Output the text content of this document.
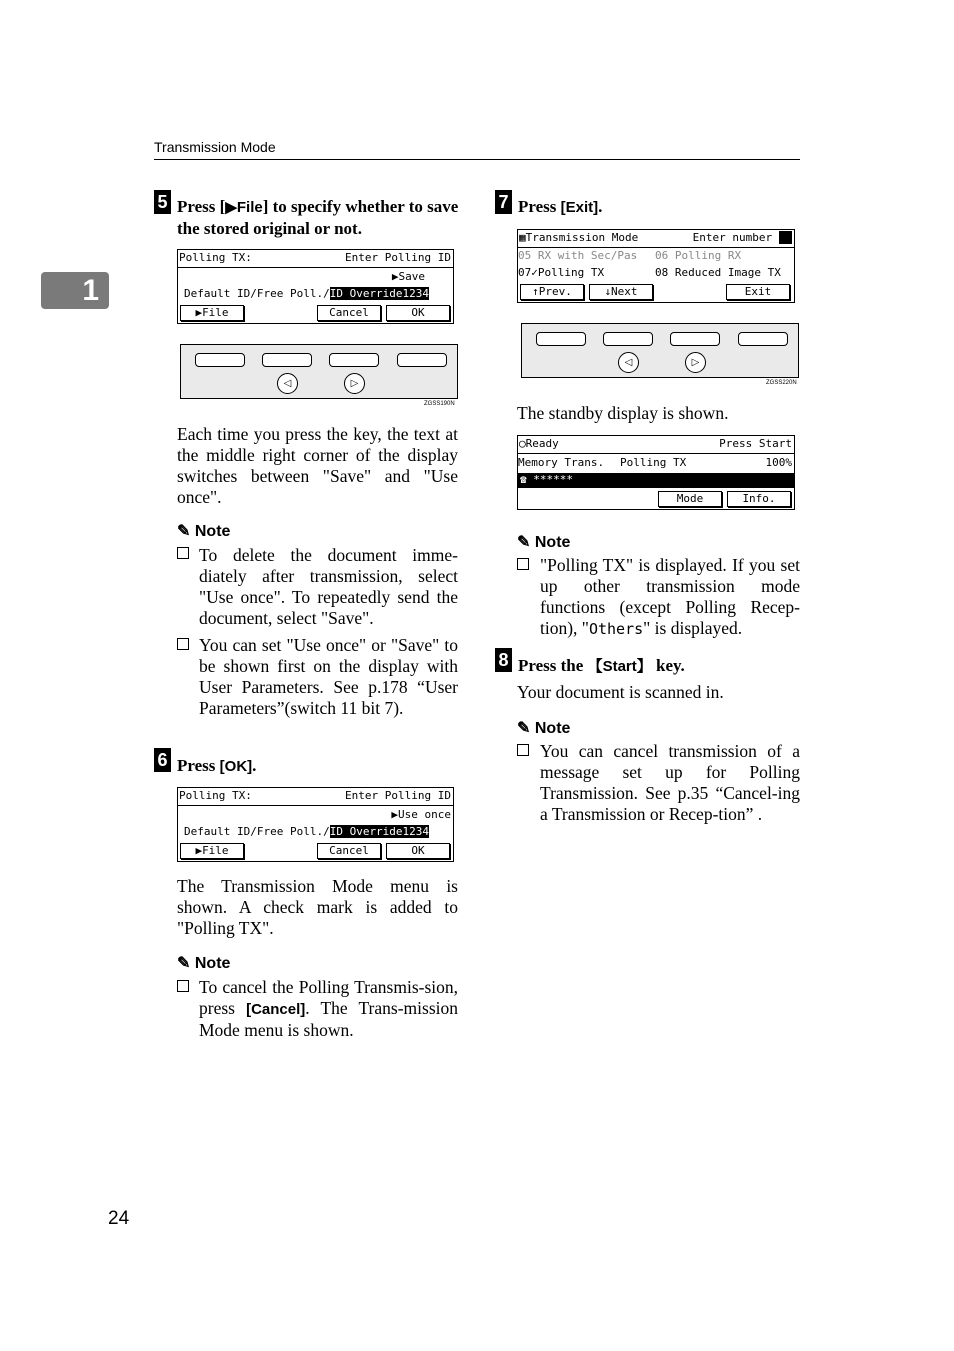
Transmission Mode
1
5 Press [▶File] to specify whether to save the stored original or not.
Polling TX:	Enter Polling ID
▶Save
Default ID/Free Poll./ID Override1234
▶File	Cancel	OK
◁	▷
ZGSS190N
Each time you press the key, the text at the middle right corner of the display switches between "Save" and "Use once".
✎ Note
To delete the document imme-diately after transmission, select "Use once". To repeatedly send the document, select "Save".
You can set "Use once" or "Save" to be shown first on the display with User Parameters. See p.178 “User Parameters”(switch 11 bit 7).
6 Press [OK].
Polling TX:	Enter Polling ID
▶Use once
Default ID/Free Poll./ID Override1234
▶File	Cancel	OK
The Transmission Mode menu is shown. A check mark is added to "Polling TX".
✎ Note
To cancel the Polling Transmis-sion, press [Cancel]. The Trans-mission Mode menu is shown.
7 Press [Exit].
▦Transmission Mode	Enter number
05 RX with Sec/Pas	06 Polling RX
07✓Polling TX	08 Reduced Image TX
↑Prev.	↓Next	Exit
◁	▷
ZGSS220N
The standby display is shown.
◯Ready	Press Start
Memory Trans.	Polling TX	100%
☎ ******
Mode	Info.
✎ Note
"Polling TX" is displayed. If you set up other transmission mode functions (except Polling Recep-tion), "Others" is displayed.
8 Press the 【Start】 key.
Your document is scanned in.
✎ Note
You can cancel transmission of a message set up for Polling Transmission. See p.35 “Cancel-ing a Transmission or Recep-tion” .
24
